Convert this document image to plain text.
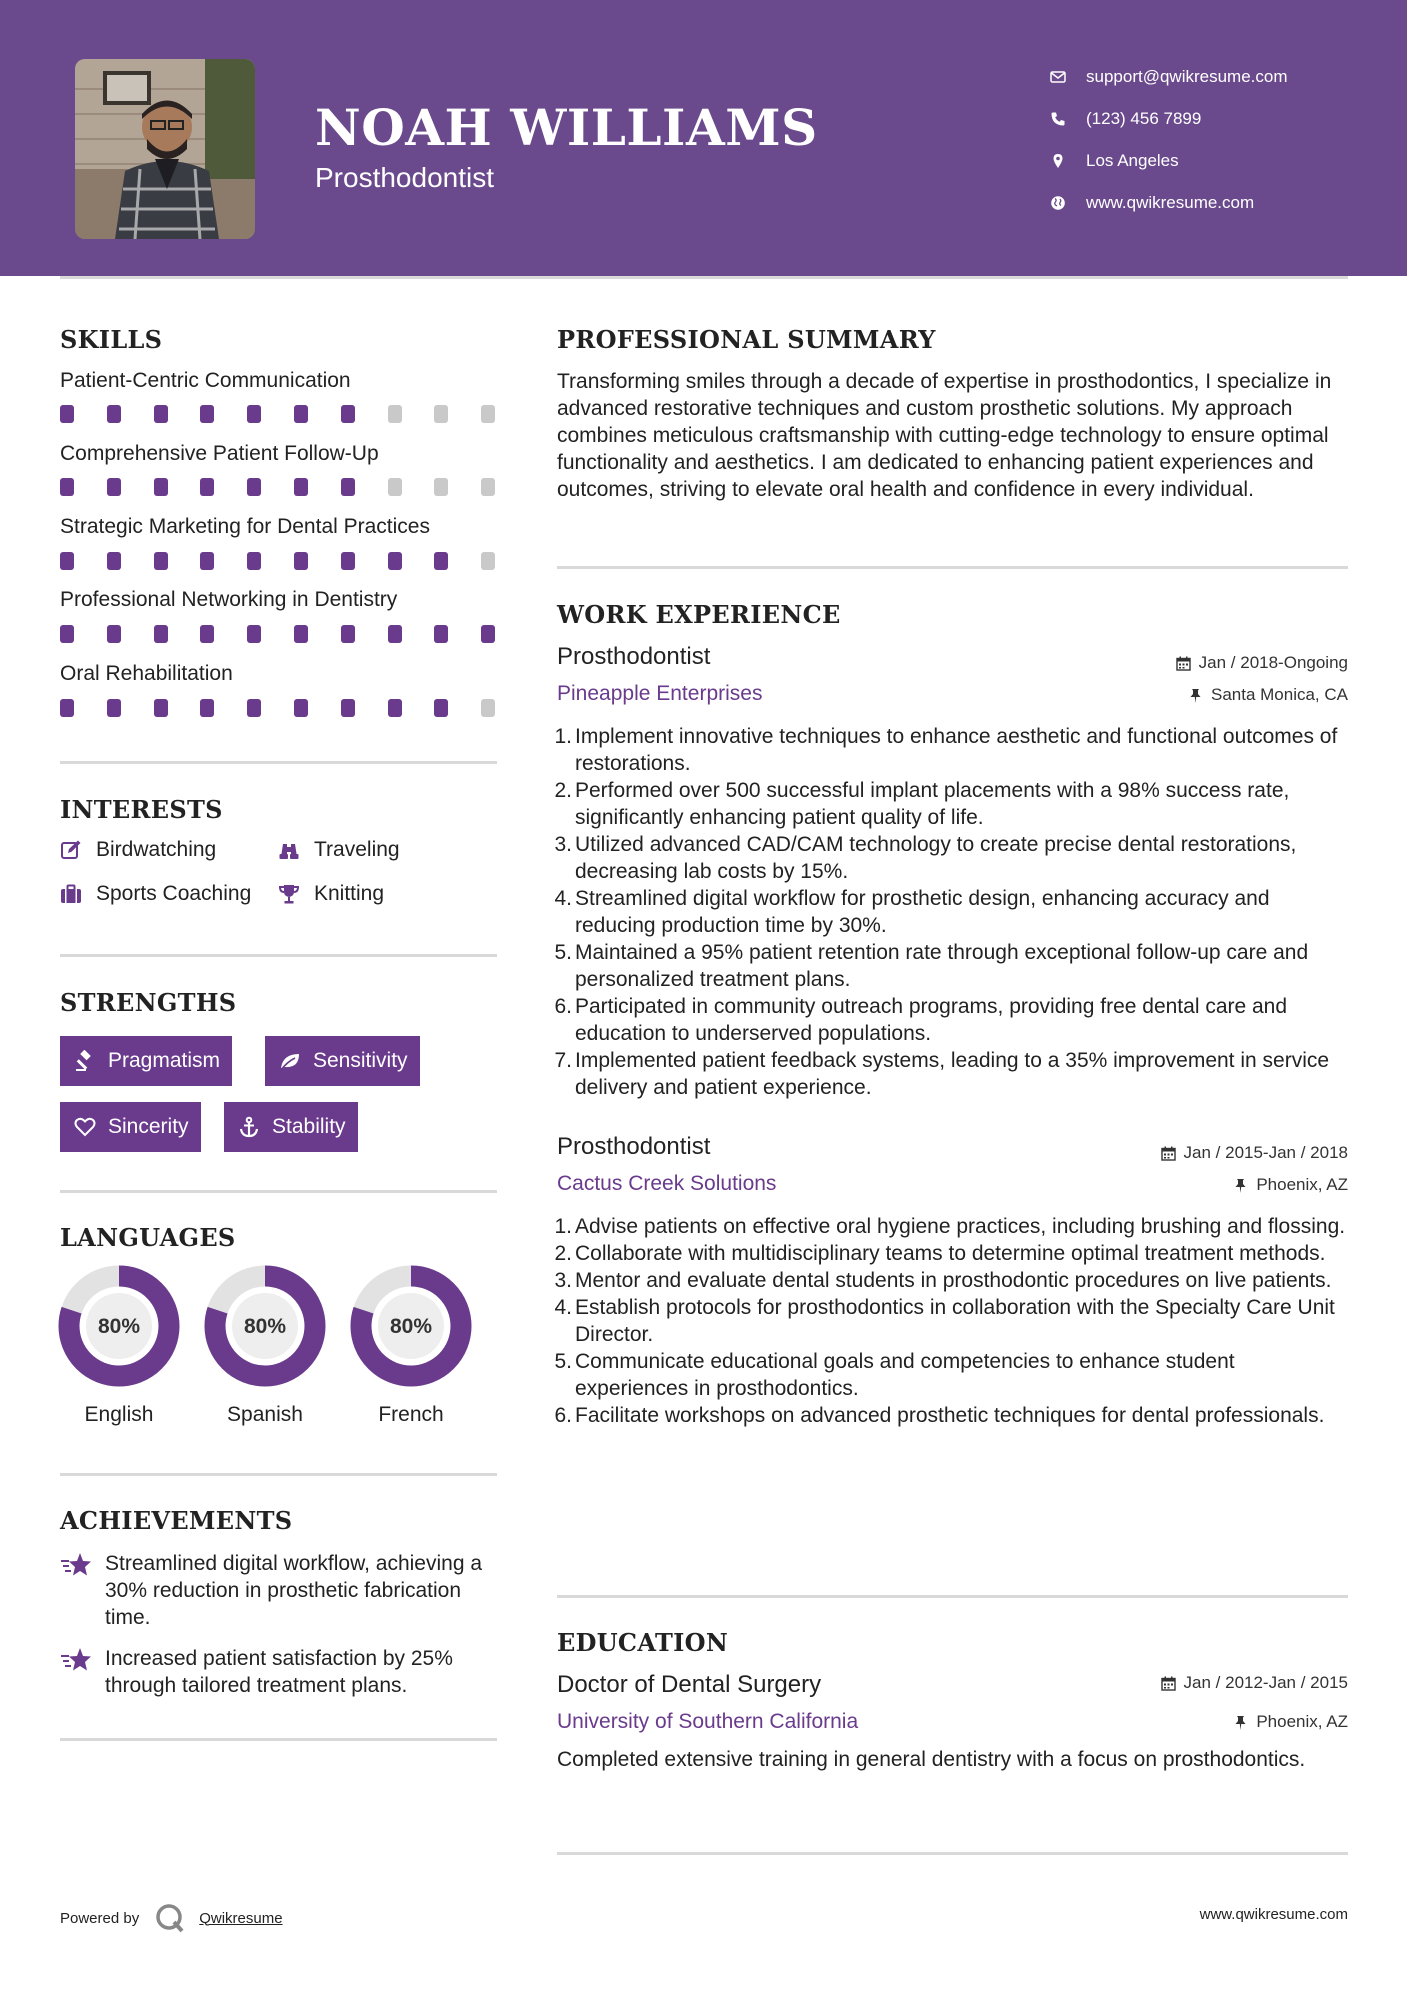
NOAH WILLIAMS
Prosthodontist
support@qwikresume.com
(123) 456 7899
Los Angeles
www.qwikresume.com
SKILLS
Patient-Centric Communication
Comprehensive Patient Follow-Up
Strategic Marketing for Dental Practices
Professional Networking in Dentistry
Oral Rehabilitation
INTERESTS
Birdwatching	Traveling
Sports Coaching	Knitting
STRENGTHS
Pragmatism	Sensitivity
Sincerity	Stability
LANGUAGES
80%
English
80%
Spanish
80%
French
ACHIEVEMENTS
Streamlined digital workflow, achieving a 30% reduction in prosthetic fabrication time.
Increased patient satisfaction by 25% through tailored treatment plans.
PROFESSIONAL SUMMARY
Transforming smiles through a decade of expertise in prosthodontics, I specialize in advanced restorative techniques and custom prosthetic solutions. My approach combines meticulous craftsmanship with cutting-edge technology to ensure optimal functionality and aesthetics. I am dedicated to enhancing patient experiences and outcomes, striving to elevate oral health and confidence in every individual.
WORK EXPERIENCE
Prosthodontist	Jan / 2018-Ongoing
Pineapple Enterprises	Santa Monica, CA
1. Implement innovative techniques to enhance aesthetic and functional outcomes of restorations.
2. Performed over 500 successful implant placements with a 98% success rate, significantly enhancing patient quality of life.
3. Utilized advanced CAD/CAM technology to create precise dental restorations, decreasing lab costs by 15%.
4. Streamlined digital workflow for prosthetic design, enhancing accuracy and reducing production time by 30%.
5. Maintained a 95% patient retention rate through exceptional follow-up care and personalized treatment plans.
6. Participated in community outreach programs, providing free dental care and education to underserved populations.
7. Implemented patient feedback systems, leading to a 35% improvement in service delivery and patient experience.
Prosthodontist	Jan / 2015-Jan / 2018
Cactus Creek Solutions	Phoenix, AZ
1. Advise patients on effective oral hygiene practices, including brushing and flossing.
2. Collaborate with multidisciplinary teams to determine optimal treatment methods.
3. Mentor and evaluate dental students in prosthodontic procedures on live patients.
4. Establish protocols for prosthodontics in collaboration with the Specialty Care Unit Director.
5. Communicate educational goals and competencies to enhance student experiences in prosthodontics.
6. Facilitate workshops on advanced prosthetic techniques for dental professionals.
EDUCATION
Doctor of Dental Surgery	Jan / 2012-Jan / 2015
University of Southern California	Phoenix, AZ
Completed extensive training in general dentistry with a focus on prosthodontics.
Powered by	Qwikresume	www.qwikresume.com
